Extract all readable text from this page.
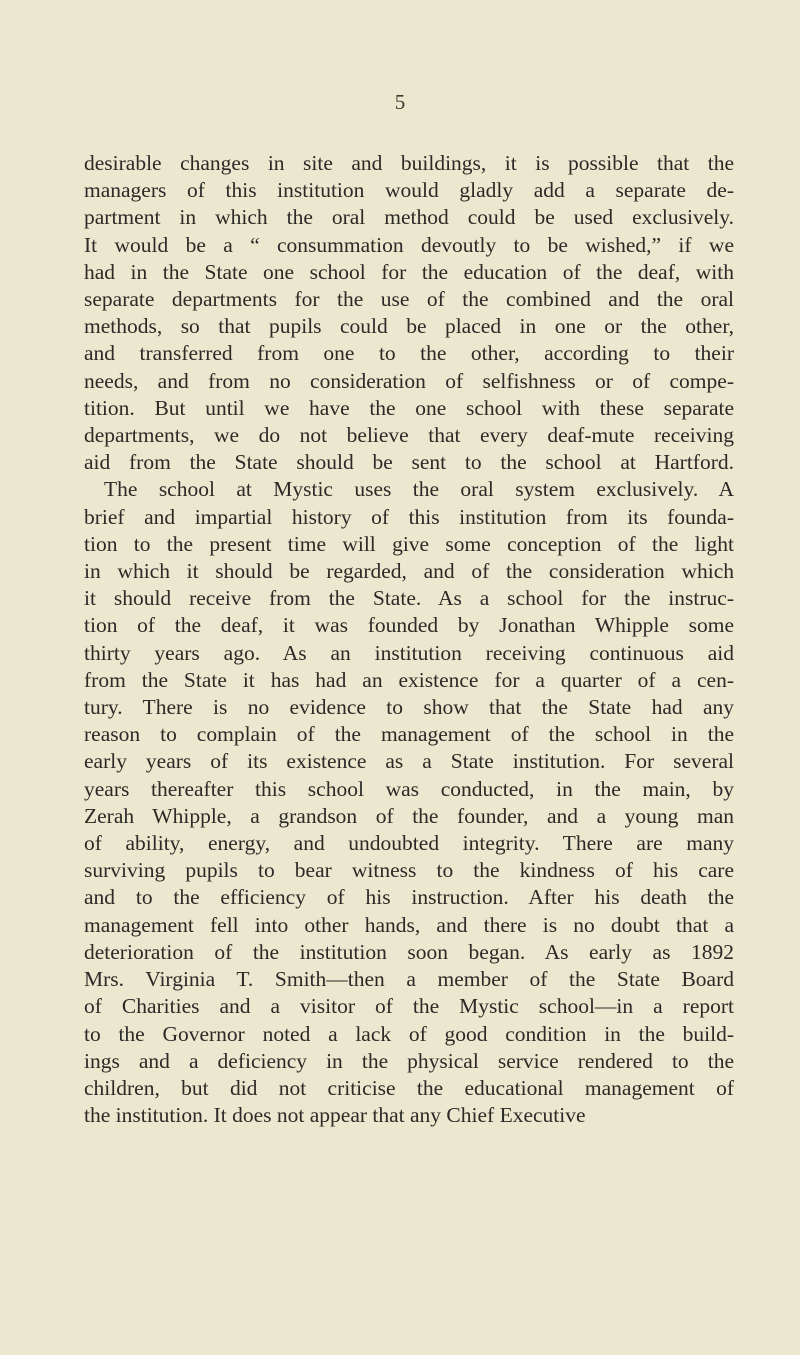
5
desirable changes in site and buildings, it is possible that the
managers of this institution would gladly add a separate de-
partment in which the oral method could be used exclusively.
It would be a “ consummation devoutly to be wished,” if we
had in the State one school for the education of the deaf, with
separate departments for the use of the combined and the oral
methods, so that pupils could be placed in one or the other,
and transferred from one to the other, according to their
needs, and from no consideration of selfishness or of compe-
tition. But until we have the one school with these separate
departments, we do not believe that every deaf-mute receiving
aid from the State should be sent to the school at Hartford.
The school at Mystic uses the oral system exclusively. A
brief and impartial history of this institution from its founda-
tion to the present time will give some conception of the light
in which it should be regarded, and of the consideration which
it should receive from the State. As a school for the instruc-
tion of the deaf, it was founded by Jonathan Whipple some
thirty years ago. As an institution receiving continuous aid
from the State it has had an existence for a quarter of a cen-
tury. There is no evidence to show that the State had any
reason to complain of the management of the school in the
early years of its existence as a State institution. For several
years thereafter this school was conducted, in the main, by
Zerah Whipple, a grandson of the founder, and a young man
of ability, energy, and undoubted integrity. There are many
surviving pupils to bear witness to the kindness of his care
and to the efficiency of his instruction. After his death the
management fell into other hands, and there is no doubt that a
deterioration of the institution soon began. As early as 1892
Mrs. Virginia T. Smith—then a member of the State Board
of Charities and a visitor of the Mystic school—in a report
to the Governor noted a lack of good condition in the build-
ings and a deficiency in the physical service rendered to the
children, but did not criticise the educational management of
the institution. It does not appear that any Chief Executive
